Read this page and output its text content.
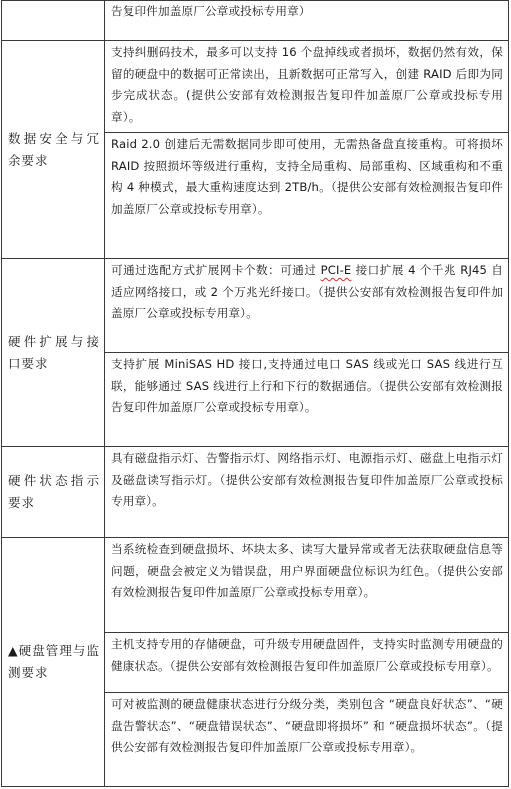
	告复印件加盖原厂公章或投标专用章）
数据安全与冗余要求	支持纠删码技术，最多可以支持 16 个盘掉线或者损坏，数据仍然有效，保留的硬盘中的数据可正常读出，且新数据可正常写入，创建 RAID 后即为同步完成状态。(提供公安部有效检测报告复印件加盖原厂公章或投标专用章）。
	Raid 2.0 创建后无需数据同步即可使用，无需热备盘直接重构。可将损坏 RAID 按照损坏等级进行重构，支持全局重构、局部重构、区域重构和不重构 4 种模式，最大重构速度达到 2TB/h。（提供公安部有效检测报告复印件加盖原厂公章或投标专用章）。
硬件扩展与接口要求	可通过选配方式扩展网卡个数：可通过 PCI-E 接口扩展 4 个千兆 RJ45 自适应网络接口，或 2 个万兆光纤接口。（提供公安部有效检测报告复印件加盖原厂公章或投标专用章）。
	支持扩展 MiniSAS HD 接口,支持通过电口 SAS 线或光口 SAS 线进行互联，能够通过 SAS 线进行上行和下行的数据通信。（提供公安部有效检测报告复印件加盖原厂公章或投标专用章）。
硬件状态指示要求	具有磁盘指示灯、告警指示灯、网络指示灯、电源指示灯、磁盘上电指示灯及磁盘读写指示灯。（提供公安部有效检测报告复印件加盖原厂公章或投标专用章）。
▲硬盘管理与监测要求	当系统检查到硬盘损坏、坏块太多、读写大量异常或者无法获取硬盘信息等问题，硬盘会被定义为错误盘，用户界面硬盘位标识为红色。（提供公安部有效检测报告复印件加盖原厂公章或投标专用章）。
	主机支持专用的存储硬盘，可升级专用硬盘固件，支持实时监测专用硬盘的健康状态。（提供公安部有效检测报告复印件加盖原厂公章或投标专用章）。
	可对被监测的硬盘健康状态进行分级分类，类别包含 “硬盘良好状态”、“硬盘告警状态”、“硬盘错误状态”、“硬盘即将损坏” 和 “硬盘损坏状态”。（提供公安部有效检测报告复印件加盖原厂公章或投标专用章）。
